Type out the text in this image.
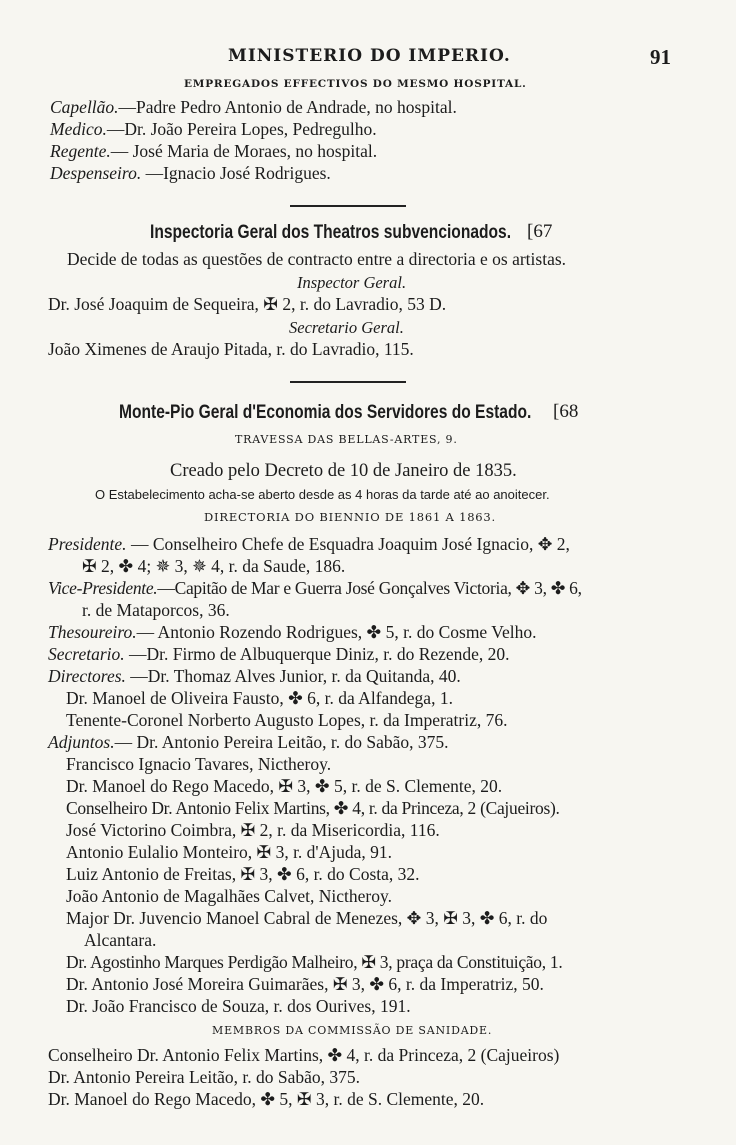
MINISTERIO DO IMPERIO.	91
EMPREGADOS EFFECTIVOS DO MESMO HOSPITAL.
Capellão.—Padre Pedro Antonio de Andrade, no hospital.
Medico.—Dr. João Pereira Lopes, Pedregulho.
Regente.— José Maria de Moraes, no hospital.
Despenseiro. —Ignacio José Rodrigues.
Inspectoria Geral dos Theatros subvencionados. [67
Decide de todas as questões de contracto entre a directoria e os artistas.
Inspector Geral.
Dr. José Joaquim de Sequeira, ✠ 2, r. do Lavradio, 53 D.
Secretario Geral.
João Ximenes de Araujo Pitada, r. do Lavradio, 115.
Monte-Pio Geral d'Economia dos Servidores do Estado.	[68
TRAVESSA DAS BELLAS-ARTES, 9.
Creado pelo Decreto de 10 de Janeiro de 1835.
O Estabelecimento acha-se aberto desde as 4 horas da tarde até ao anoitecer.
DIRECTORIA DO BIENNIO DE 1861 A 1863.
Presidente. — Conselheiro Chefe de Esquadra Joaquim José Ignacio, ✥ 2,
✠ 2, ✤ 4; ✵ 3, ✵ 4, r. da Saude, 186.
Vice-Presidente.—Capitão de Mar e Guerra José Gonçalves Victoria, ✥ 3, ✤ 6,
r. de Mataporcos, 36.
Thesoureiro.— Antonio Rozendo Rodrigues, ✤ 5, r. do Cosme Velho.
Secretario. —Dr. Firmo de Albuquerque Diniz, r. do Rezende, 20.
Directores. —Dr. Thomaz Alves Junior, r. da Quitanda, 40.
Dr. Manoel de Oliveira Fausto, ✤ 6, r. da Alfandega, 1.
Tenente-Coronel Norberto Augusto Lopes, r. da Imperatriz, 76.
Adjuntos.— Dr. Antonio Pereira Leitão, r. do Sabão, 375.
Francisco Ignacio Tavares, Nictheroy.
Dr. Manoel do Rego Macedo, ✠ 3, ✤ 5, r. de S. Clemente, 20.
Conselheiro Dr. Antonio Felix Martins, ✤ 4, r. da Princeza, 2 (Cajueiros).
José Victorino Coimbra, ✠ 2, r. da Misericordia, 116.
Antonio Eulalio Monteiro, ✠ 3, r. d'Ajuda, 91.
Luiz Antonio de Freitas, ✠ 3, ✤ 6, r. do Costa, 32.
João Antonio de Magalhães Calvet, Nictheroy.
Major Dr. Juvencio Manoel Cabral de Menezes, ✥ 3, ✠ 3, ✤ 6, r. do
Alcantara.
Dr. Agostinho Marques Perdigão Malheiro, ✠ 3, praça da Constituição, 1.
Dr. Antonio José Moreira Guimarães, ✠ 3, ✤ 6, r. da Imperatriz, 50.
Dr. João Francisco de Souza, r. dos Ourives, 191.
MEMBROS DA COMMISSÃO DE SANIDADE.
Conselheiro Dr. Antonio Felix Martins, ✤ 4, r. da Princeza, 2 (Cajueiros)
Dr. Antonio Pereira Leitão, r. do Sabão, 375.
Dr. Manoel do Rego Macedo, ✤ 5, ✠ 3, r. de S. Clemente, 20.
